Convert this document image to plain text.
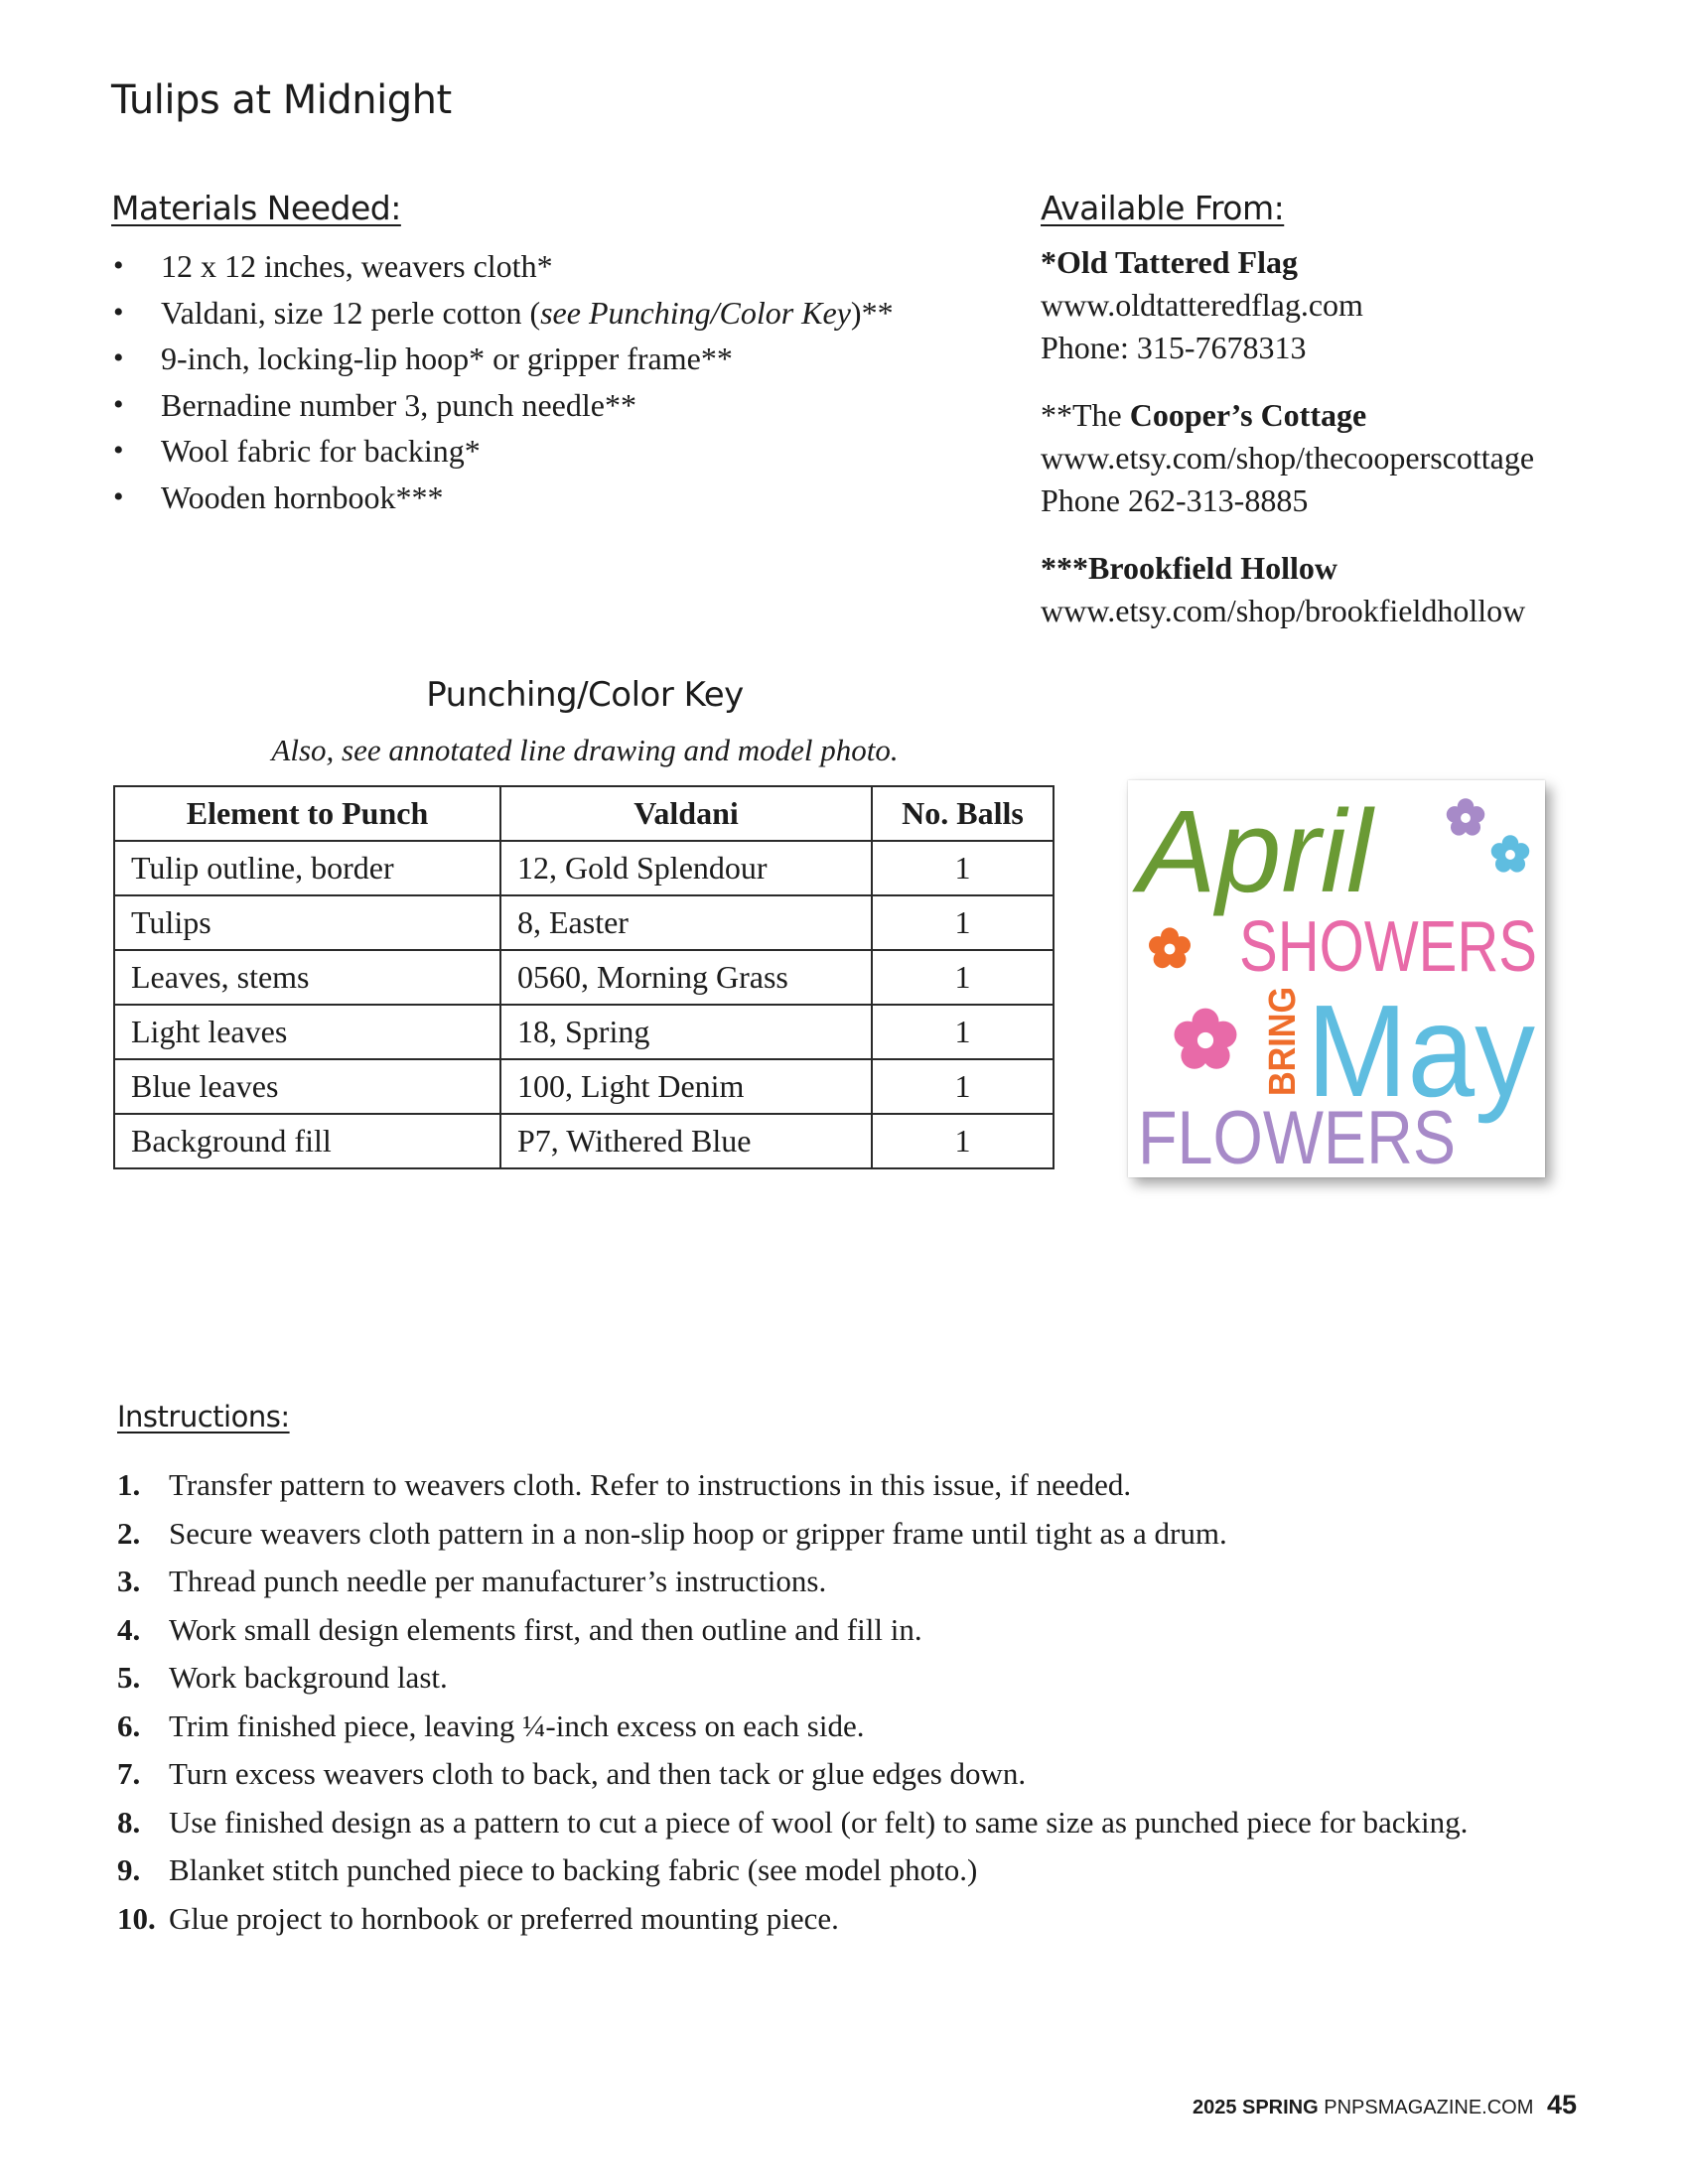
Tulips at Midnight
Materials Needed:
• 12 x 12 inches, weavers cloth*
• Valdani, size 12 perle cotton (see Punching/Color Key)**
• 9-inch, locking-lip hoop* or gripper frame**
• Bernadine number 3, punch needle**
• Wool fabric for backing*
• Wooden hornbook***
Available From:
*Old Tattered Flag
www.oldtatteredflag.com
Phone: 315-7678313
**The Cooper’s Cottage
www.etsy.com/shop/thecooperscottage
Phone 262-313-8885
***Brookfield Hollow
www.etsy.com/shop/brookfieldhollow
Punching/Color Key
Also, see annotated line drawing and model photo.
Element to Punch	Valdani	No. Balls
Tulip outline, border	12, Gold Splendour	1
Tulips	8, Easter	1
Leaves, stems	0560, Morning Grass	1
Light leaves	18, Spring	1
Blue leaves	100, Light Denim	1
Background fill	P7, Withered Blue	1
April
SHOWERS
BRING May
FLOWERS
Instructions:
1. Transfer pattern to weavers cloth. Refer to instructions in this issue, if needed.
2. Secure weavers cloth pattern in a non-slip hoop or gripper frame until tight as a drum.
3. Thread punch needle per manufacturer’s instructions.
4. Work small design elements first, and then outline and fill in.
5. Work background last.
6. Trim finished piece, leaving ¼-inch excess on each side.
7. Turn excess weavers cloth to back, and then tack or glue edges down.
8. Use finished design as a pattern to cut a piece of wool (or felt) to same size as punched piece for backing.
9. Blanket stitch punched piece to backing fabric (see model photo.)
10. Glue project to hornbook or preferred mounting piece.
2025 SPRING PNPSMAGAZINE.COM 45
